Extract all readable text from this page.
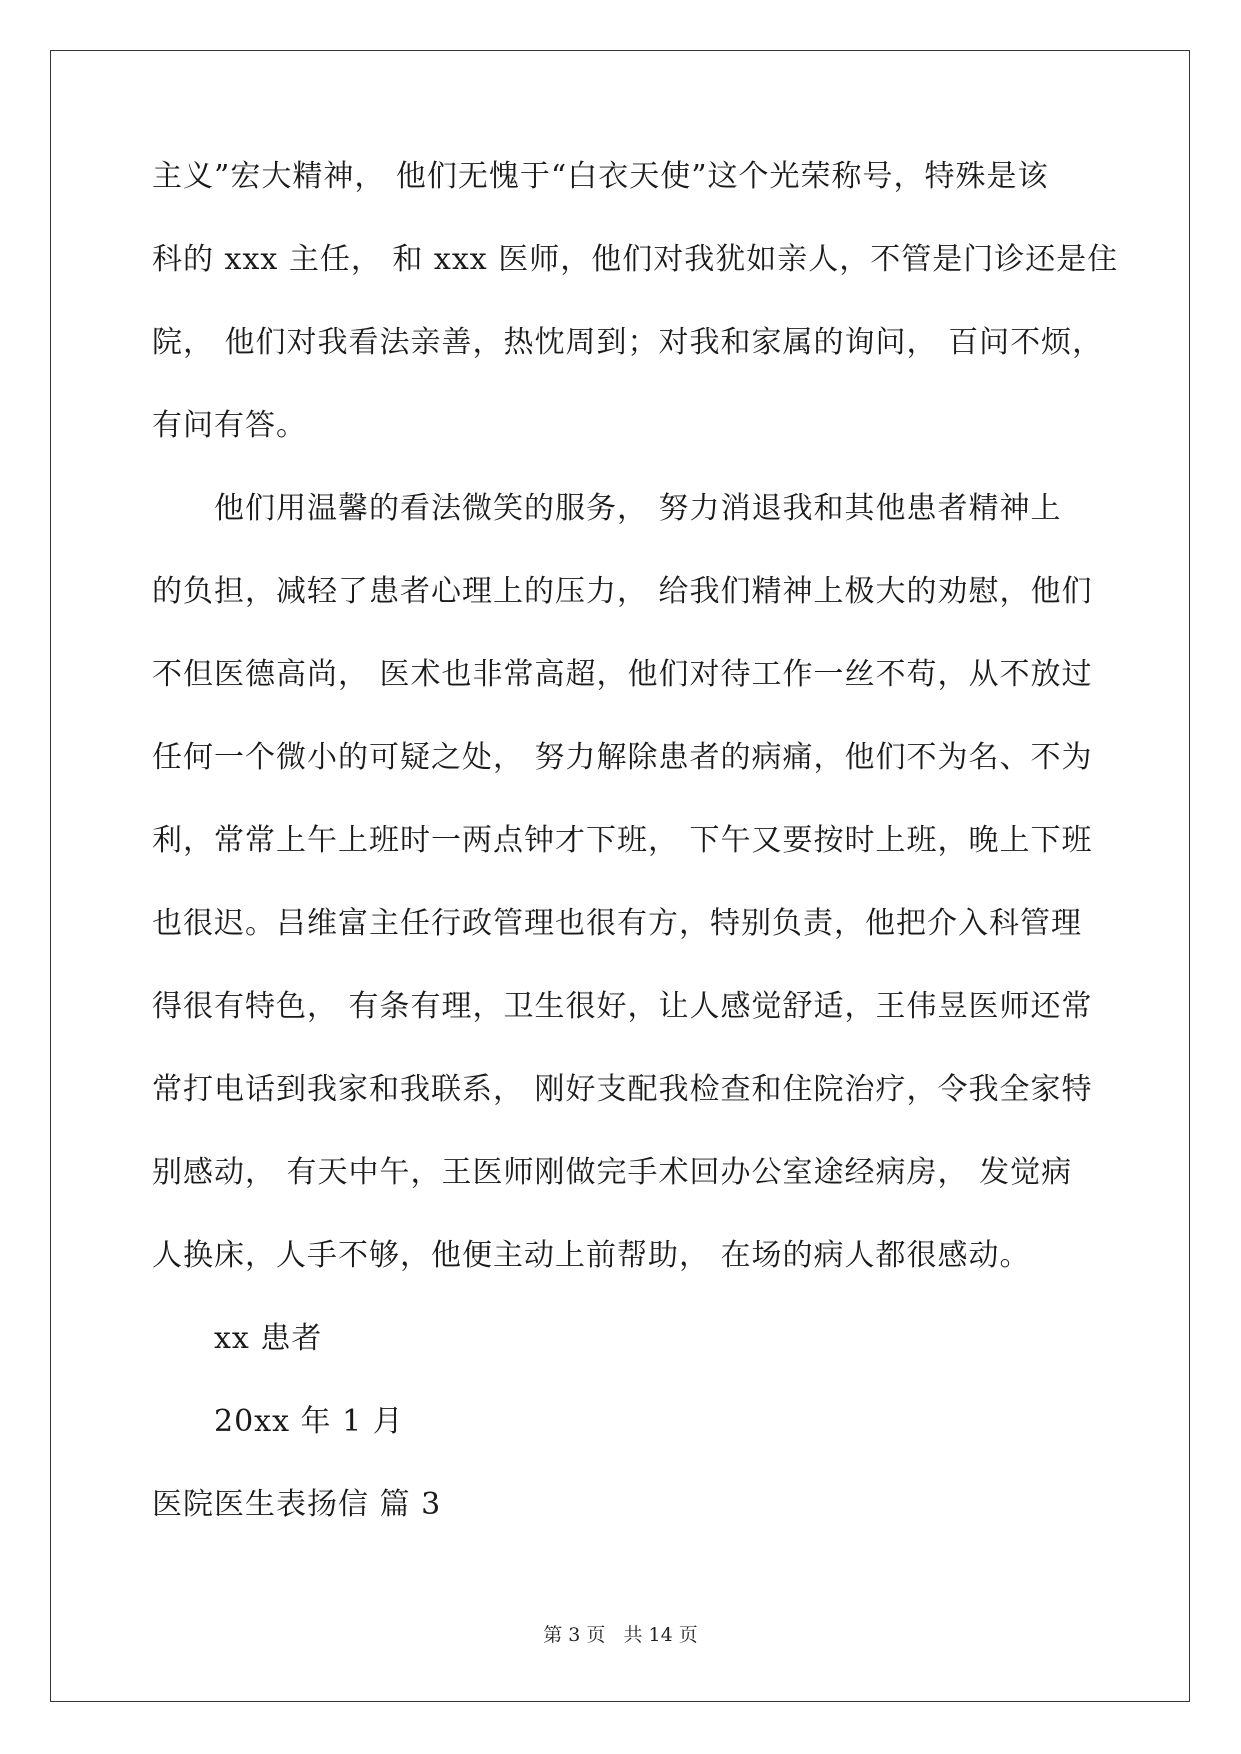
主义”宏大精神， 他们无愧于“白衣天使”这个光荣称号，特殊是该
科的 xxx 主任， 和 xxx 医师，他们对我犹如亲人，不管是门诊还是住
院， 他们对我看法亲善，热忱周到；对我和家属的询问， 百问不烦，
有问有答。
他们用温馨的看法微笑的服务， 努力消退我和其他患者精神上
的负担，减轻了患者心理上的压力， 给我们精神上极大的劝慰，他们
不但医德高尚， 医术也非常高超，他们对待工作一丝不苟，从不放过
任何一个微小的可疑之处， 努力解除患者的病痛，他们不为名、不为
利，常常上午上班时一两点钟才下班， 下午又要按时上班，晚上下班
也很迟。吕维富主任行政管理也很有方，特别负责，他把介入科管理
得很有特色， 有条有理，卫生很好，让人感觉舒适，王伟昱医师还常
常打电话到我家和我联系， 刚好支配我检查和住院治疗，令我全家特
别感动， 有天中午，王医师刚做完手术回办公室途经病房， 发觉病
人换床，人手不够，他便主动上前帮助， 在场的病人都很感动。
xx 患者
20xx 年 1 月
医院医生表扬信 篇 3
第 3 页 共 14 页
